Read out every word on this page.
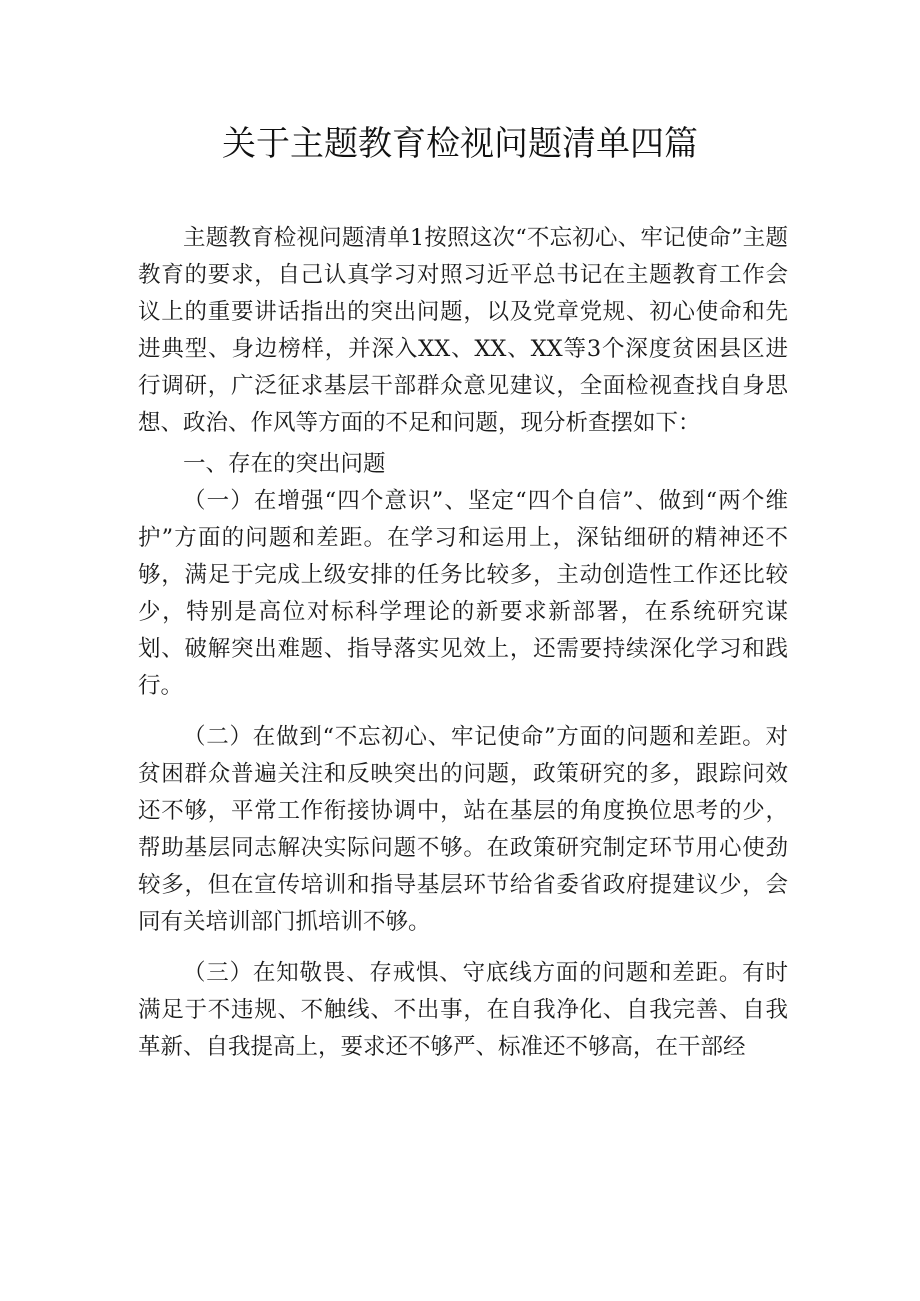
关于主题教育检视问题清单四篇

主题教育检视问题清单1按照这次“不忘初心、牢记使命”主题教育的要求，自己认真学习对照习近平总书记在主题教育工作会议上的重要讲话指出的突出问题，以及党章党规、初心使命和先进典型、身边榜样，并深入XX、XX、XX等3个深度贫困县区进行调研，广泛征求基层干部群众意见建议，全面检视查找自身思想、政治、作风等方面的不足和问题，现分析查摆如下：

一、存在的突出问题

（一）在增强“四个意识”、坚定“四个自信”、做到“两个维护”方面的问题和差距。在学习和运用上，深钻细研的精神还不够，满足于完成上级安排的任务比较多，主动创造性工作还比较少，特别是高位对标科学理论的新要求新部署，在系统研究谋划、破解突出难题、指导落实见效上，还需要持续深化学习和践行。

（二）在做到“不忘初心、牢记使命”方面的问题和差距。对贫困群众普遍关注和反映突出的问题，政策研究的多，跟踪问效还不够，平常工作衔接协调中，站在基层的角度换位思考的少，帮助基层同志解决实际问题不够。在政策研究制定环节用心使劲较多，但在宣传培训和指导基层环节给省委省政府提建议少，会同有关培训部门抓培训不够。

（三）在知敬畏、存戒惧、守底线方面的问题和差距。有时满足于不违规、不触线、不出事，在自我净化、自我完善、自我革新、自我提高上，要求还不够严、标准还不够高，在干部经
